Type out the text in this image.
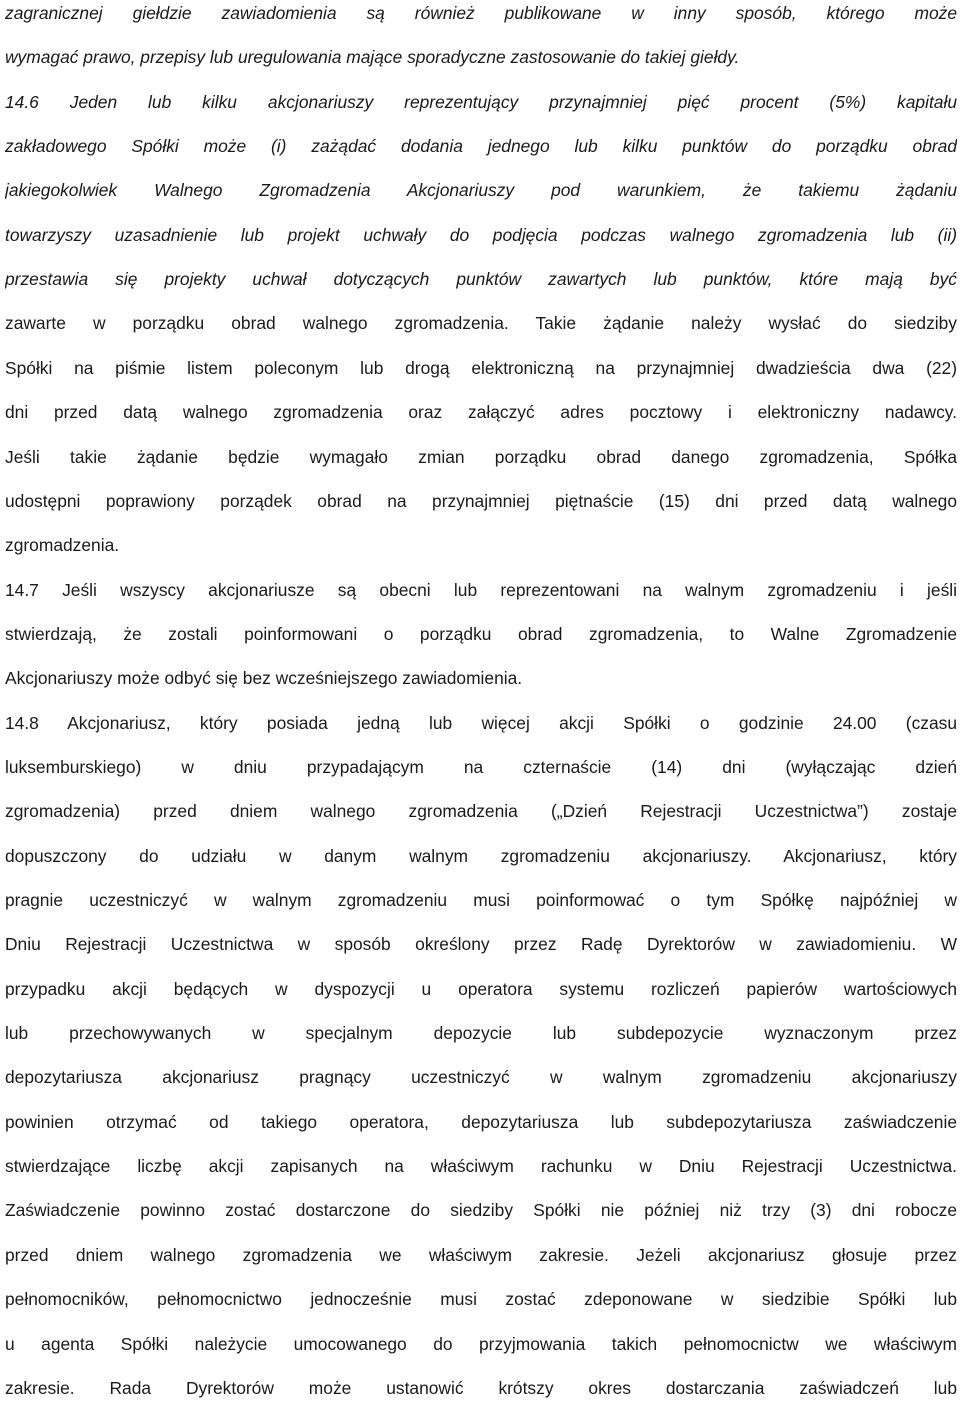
zagranicznej giełdzie zawiadomienia są również publikowane w inny sposób, którego może
wymagać prawo, przepisy lub uregulowania mające sporadyczne zastosowanie do takiej giełdy.
14.6 Jeden lub kilku akcjonariuszy reprezentujący przynajmniej pięć procent (5%) kapitału
zakładowego Spółki może (i) zażądać dodania jednego lub kilku punktów do porządku obrad
jakiegokolwiek Walnego Zgromadzenia Akcjonariuszy pod warunkiem, że takiemu żądaniu
towarzyszy uzasadnienie lub projekt uchwały do podjęcia podczas walnego zgromadzenia lub (ii)
przestawia się projekty uchwał dotyczących punktów zawartych lub punktów, które mają być
zawarte w porządku obrad walnego zgromadzenia. Takie żądanie należy wysłać do siedziby
Spółki na piśmie listem poleconym lub drogą elektroniczną na przynajmniej dwadzieścia dwa (22)
dni przed datą walnego zgromadzenia oraz załączyć adres pocztowy i elektroniczny nadawcy.
Jeśli takie żądanie będzie wymagało zmian porządku obrad danego zgromadzenia, Spółka
udostępni poprawiony porządek obrad na przynajmniej piętnaście (15) dni przed datą walnego
zgromadzenia.
14.7 Jeśli wszyscy akcjonariusze są obecni lub reprezentowani na walnym zgromadzeniu i jeśli
stwierdzają, że zostali poinformowani o porządku obrad zgromadzenia, to Walne Zgromadzenie
Akcjonariuszy może odbyć się bez wcześniejszego zawiadomienia.
14.8 Akcjonariusz, który posiada jedną lub więcej akcji Spółki o godzinie 24.00 (czasu
luksemburskiego) w dniu przypadającym na czternaście (14) dni (wyłączając dzień
zgromadzenia) przed dniem walnego zgromadzenia („Dzień Rejestracji Uczestnictwa”) zostaje
dopuszczony do udziału w danym walnym zgromadzeniu akcjonariuszy. Akcjonariusz, który
pragnie uczestniczyć w walnym zgromadzeniu musi poinformować o tym Spółkę najpóźniej w
Dniu Rejestracji Uczestnictwa w sposób określony przez Radę Dyrektorów w zawiadomieniu. W
przypadku akcji będących w dyspozycji u operatora systemu rozliczeń papierów wartościowych
lub przechowywanych w specjalnym depozycie lub subdepozycie wyznaczonym przez
depozytariusza akcjonariusz pragnący uczestniczyć w walnym zgromadzeniu akcjonariuszy
powinien otrzymać od takiego operatora, depozytariusza lub subdepozytariusza zaświadczenie
stwierdzające liczbę akcji zapisanych na właściwym rachunku w Dniu Rejestracji Uczestnictwa.
Zaświadczenie powinno zostać dostarczone do siedziby Spółki nie później niż trzy (3) dni robocze
przed dniem walnego zgromadzenia we właściwym zakresie. Jeżeli akcjonariusz głosuje przez
pełnomocników, pełnomocnictwo jednocześnie musi zostać zdeponowane w siedzibie Spółki lub
u agenta Spółki należycie umocowanego do przyjmowania takich pełnomocnictw we właściwym
zakresie. Rada Dyrektorów może ustanowić krótszy okres dostarczania zaświadczeń lub
